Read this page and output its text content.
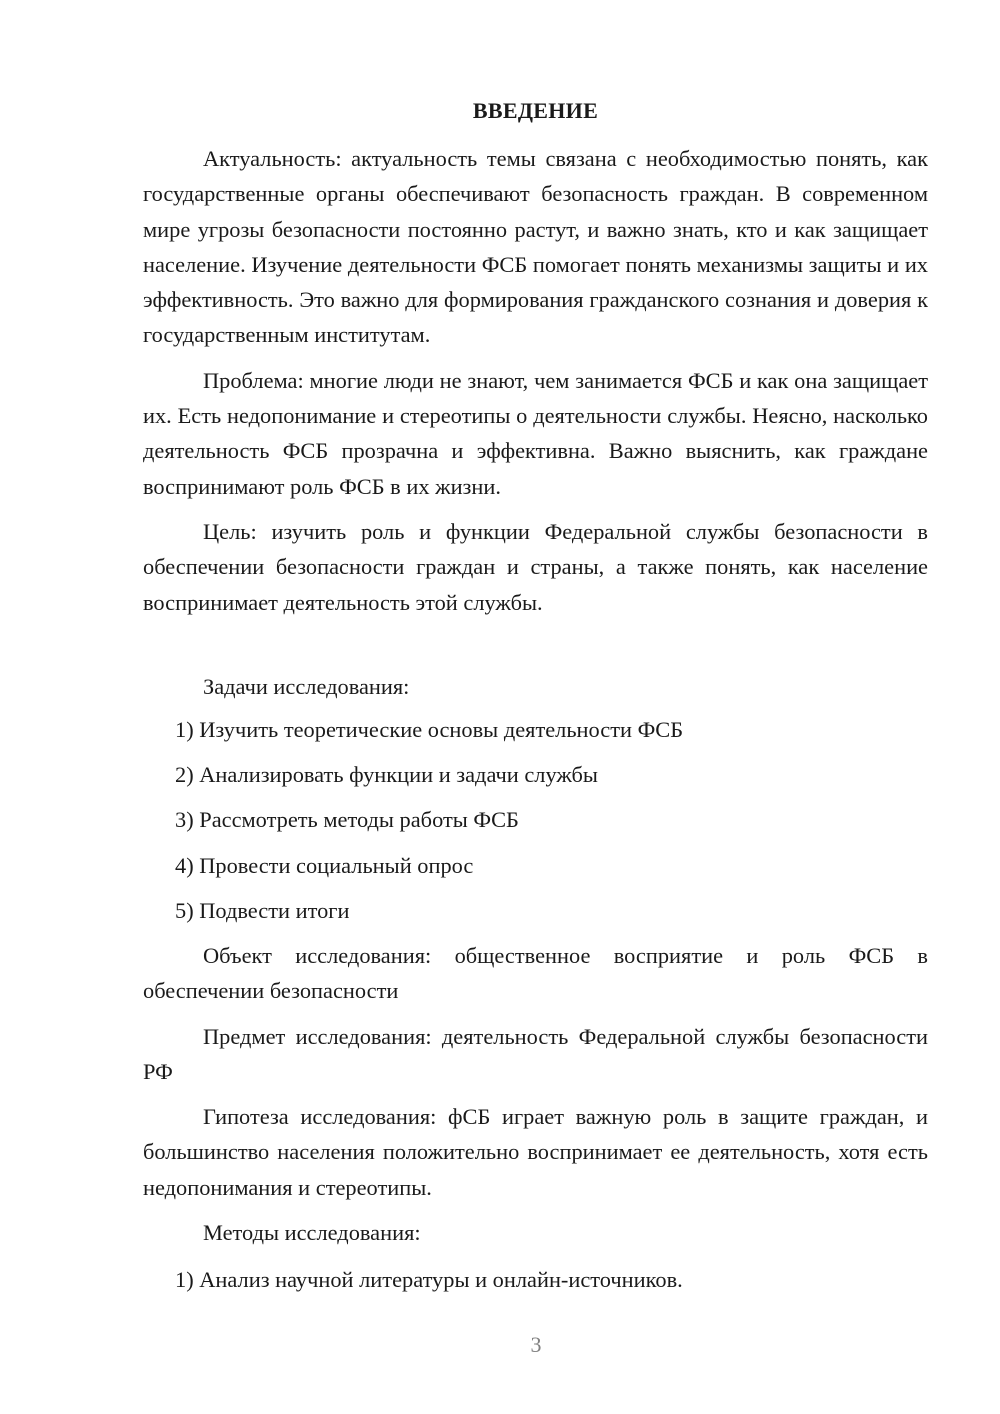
ВВЕДЕНИЕ

Актуальность: актуальность темы связана с необходимостью понять, как государственные органы обеспечивают безопасность граждан. В современном мире угрозы безопасности постоянно растут, и важно знать, кто и как защищает население. Изучение деятельности ФСБ помогает понять механизмы защиты и их эффективность. Это важно для формирования гражданского сознания и доверия к государственным институтам.

Проблема: многие люди не знают, чем занимается ФСБ и как она защищает их. Есть недопонимание и стереотипы о деятельности службы. Неясно, насколько деятельность ФСБ прозрачна и эффективна. Важно выяснить, как граждане воспринимают роль ФСБ в их жизни.

Цель: изучить роль и функции Федеральной службы безопасности в обеспечении безопасности граждан и страны, а также понять, как население воспринимает деятельность этой службы.

Задачи исследования:

1) Изучить теоретические основы деятельности ФСБ
2) Анализировать функции и задачи службы
3) Рассмотреть методы работы ФСБ
4) Провести социальный опрос
5) Подвести итоги

Объект исследования: общественное восприятие и роль ФСБ в обеспечении безопасности

Предмет исследования: деятельность Федеральной службы безопасности РФ

Гипотеза исследования: фСБ играет важную роль в защите граждан, и большинство населения положительно воспринимает ее деятельность, хотя есть недопонимания и стереотипы.

Методы исследования:

1) Анализ научной литературы и онлайн-источников.
3
